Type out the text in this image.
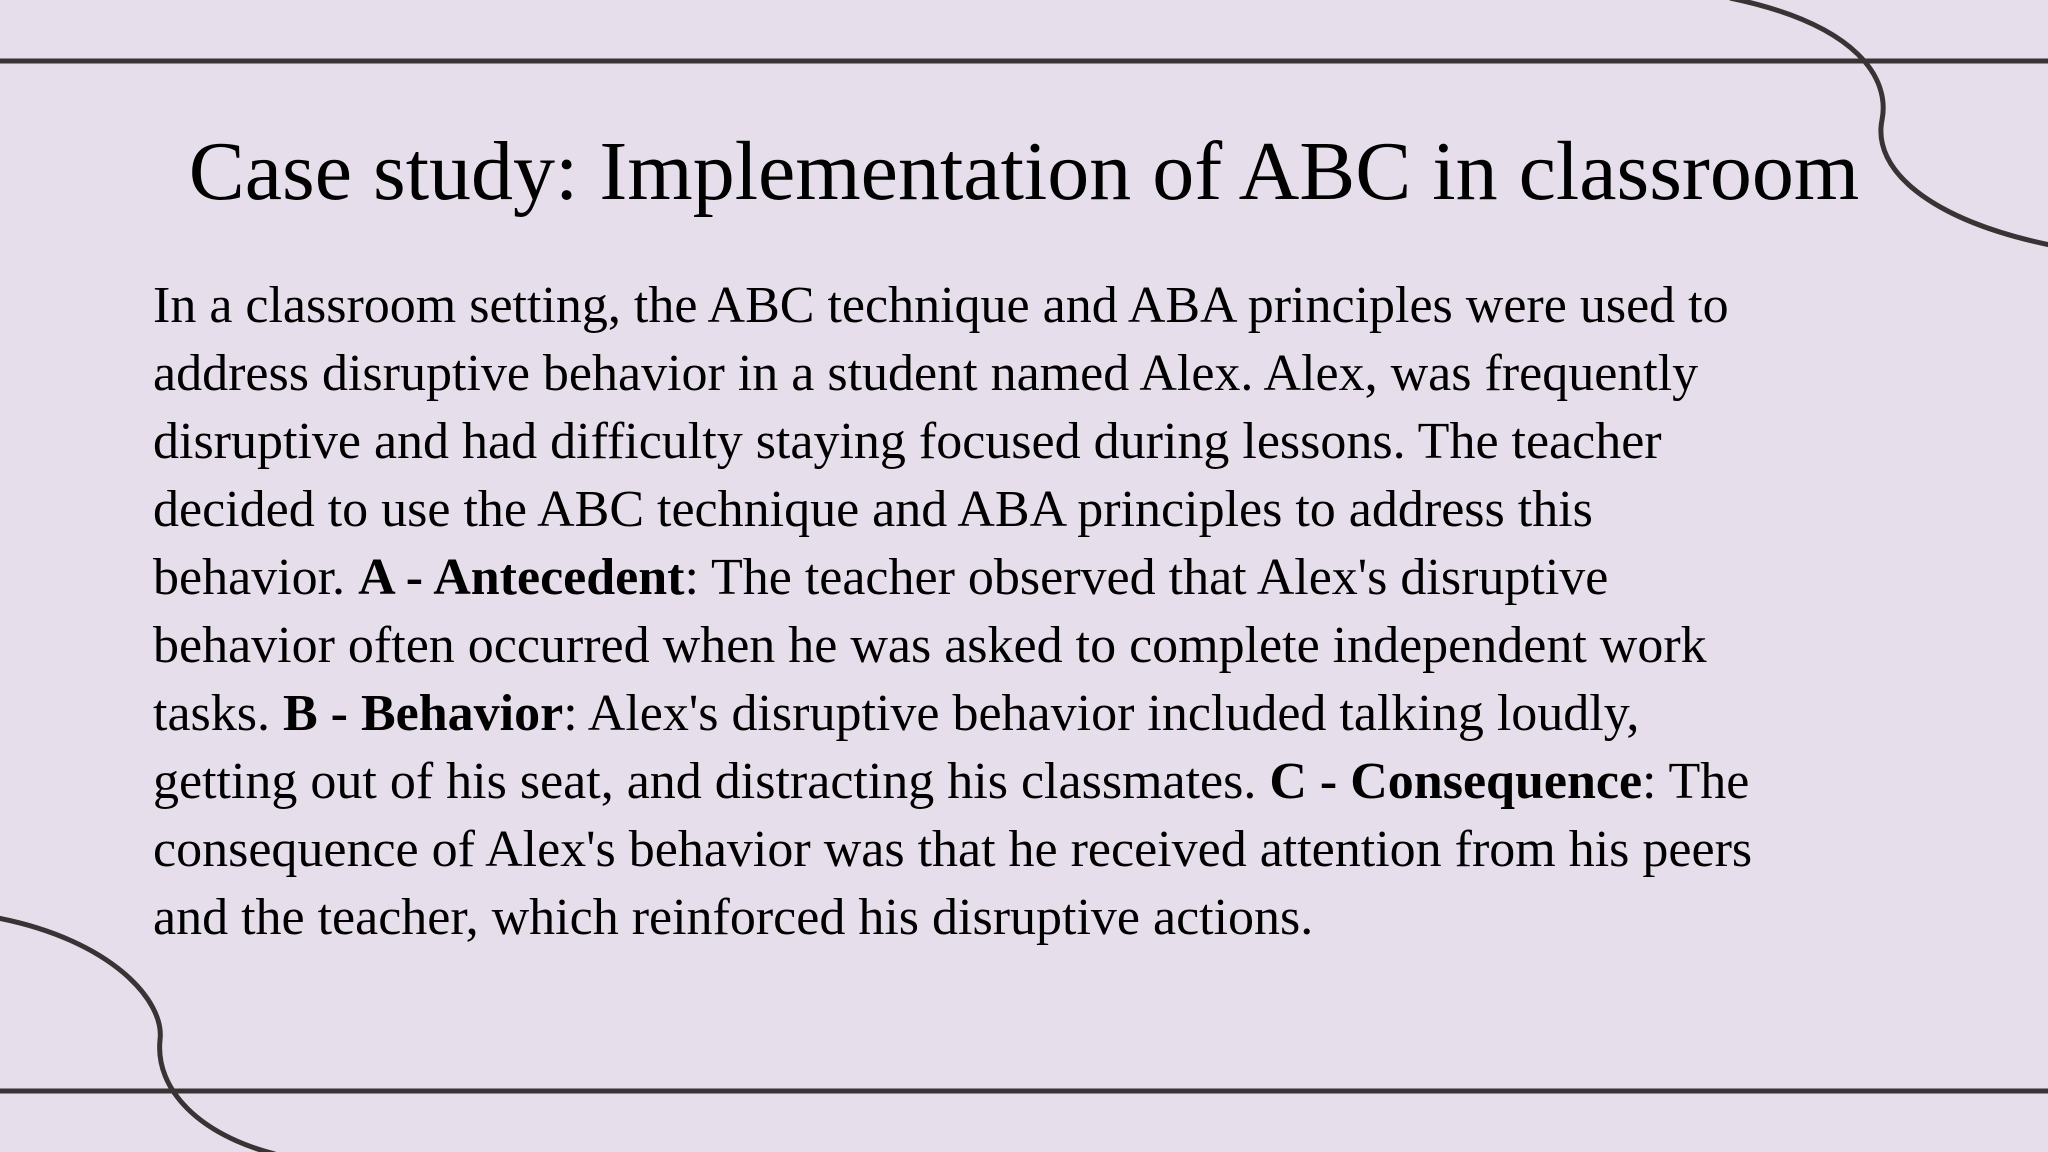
Case study: Implementation of ABC in classroom
In a classroom setting, the ABC technique and ABA principles were used to
address disruptive behavior in a student named Alex. Alex, was frequently
disruptive and had difficulty staying focused during lessons. The teacher
decided to use the ABC technique and ABA principles to address this
behavior. A - Antecedent: The teacher observed that Alex's disruptive
behavior often occurred when he was asked to complete independent work
tasks. B - Behavior: Alex's disruptive behavior included talking loudly,
getting out of his seat, and distracting his classmates. C - Consequence: The
consequence of Alex's behavior was that he received attention from his peers
and the teacher, which reinforced his disruptive actions.
